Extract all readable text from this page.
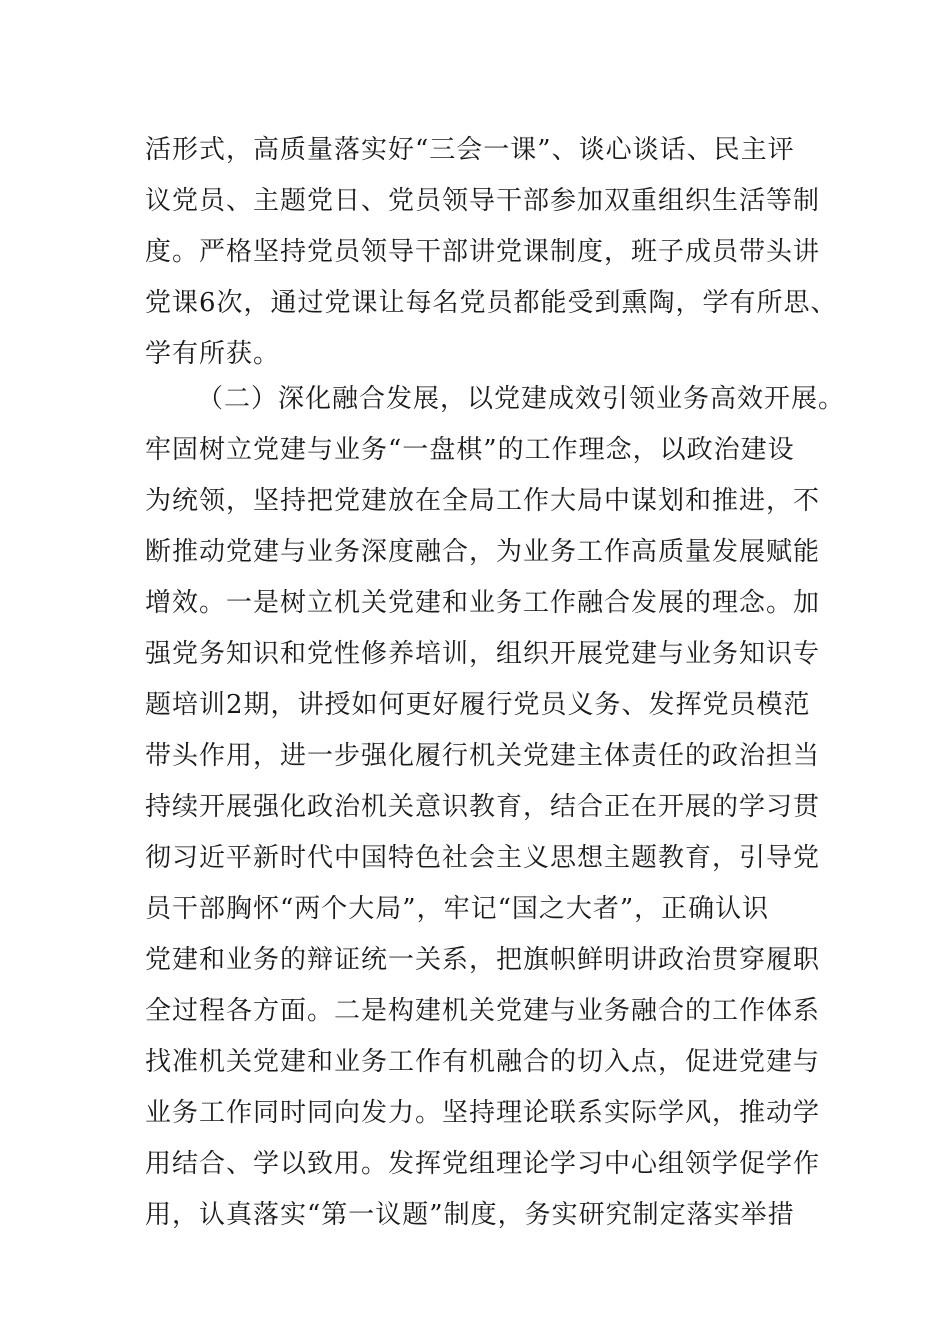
活形式，高质量落实好“三会一课”、谈心谈话、民主评
议党员、主题党日、党员领导干部参加双重组织生活等制
度。严格坚持党员领导干部讲党课制度，班子成员带头讲
党课6次，通过党课让每名党员都能受到熏陶，学有所思、
学有所获。
（二）深化融合发展，以党建成效引领业务高效开展。
牢固树立党建与业务“一盘棋”的工作理念，以政治建设
为统领，坚持把党建放在全局工作大局中谋划和推进，不
断推动党建与业务深度融合，为业务工作高质量发展赋能
增效。一是树立机关党建和业务工作融合发展的理念。加
强党务知识和党性修养培训，组织开展党建与业务知识专
题培训2期，讲授如何更好履行党员义务、发挥党员模范
带头作用，进一步强化履行机关党建主体责任的政治担当
持续开展强化政治机关意识教育，结合正在开展的学习贯
彻习近平新时代中国特色社会主义思想主题教育，引导党
员干部胸怀“两个大局”，牢记“国之大者”，正确认识
党建和业务的辩证统一关系，把旗帜鲜明讲政治贯穿履职
全过程各方面。二是构建机关党建与业务融合的工作体系
找准机关党建和业务工作有机融合的切入点，促进党建与
业务工作同时同向发力。坚持理论联系实际学风，推动学
用结合、学以致用。发挥党组理论学习中心组领学促学作
用，认真落实“第一议题”制度，务实研究制定落实举措
